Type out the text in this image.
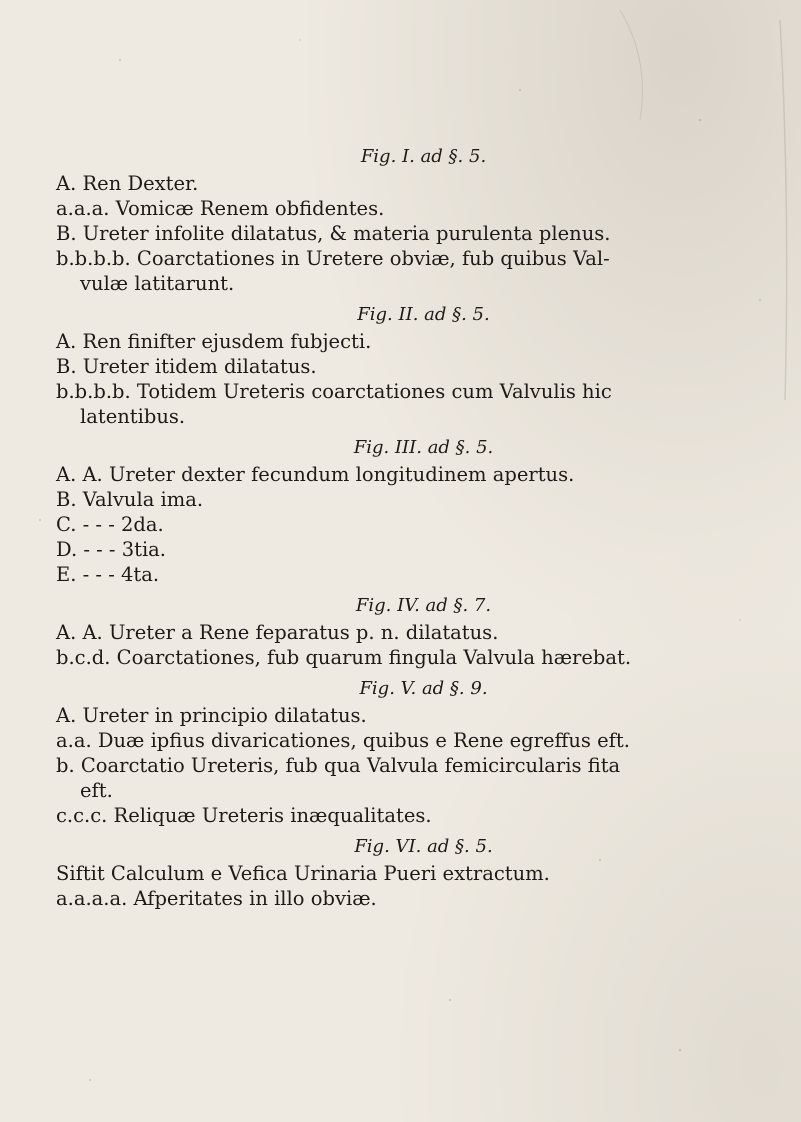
Fig. I. ad §. 5.
A. Ren Dexter.
a.a.a. Vomicæ Renem obfidentes.
B. Ureter infolite dilatatus, & materia purulenta plenus.
b.b.b.b. Coarctationes in Uretere obviæ, fub quibus Val-
vulæ latitarunt.
Fig. II. ad §. 5.
A. Ren finifter ejusdem fubjecti.
B. Ureter itidem dilatatus.
b.b.b.b. Totidem Ureteris coarctationes cum Valvulis hic
latentibus.
Fig. III. ad §. 5.
A. A. Ureter dexter fecundum longitudinem apertus.
B. Valvula ima.
C. - - - 2da.
D. - - - 3tia.
E. - - - 4ta.
Fig. IV. ad §. 7.
A. A. Ureter a Rene feparatus p. n. dilatatus.
b.c.d. Coarctationes, fub quarum fingula Valvula hærebat.
Fig. V. ad §. 9.
A. Ureter in principio dilatatus.
a.a. Duæ ipfius divaricationes, quibus e Rene egreffus eft.
b. Coarctatio Ureteris, fub qua Valvula femicircularis fita
eft.
c.c.c. Reliquæ Ureteris inæqualitates.
Fig. VI. ad §. 5.
Siftit Calculum e Vefica Urinaria Pueri extractum.
a.a.a.a. Afperitates in illo obviæ.
